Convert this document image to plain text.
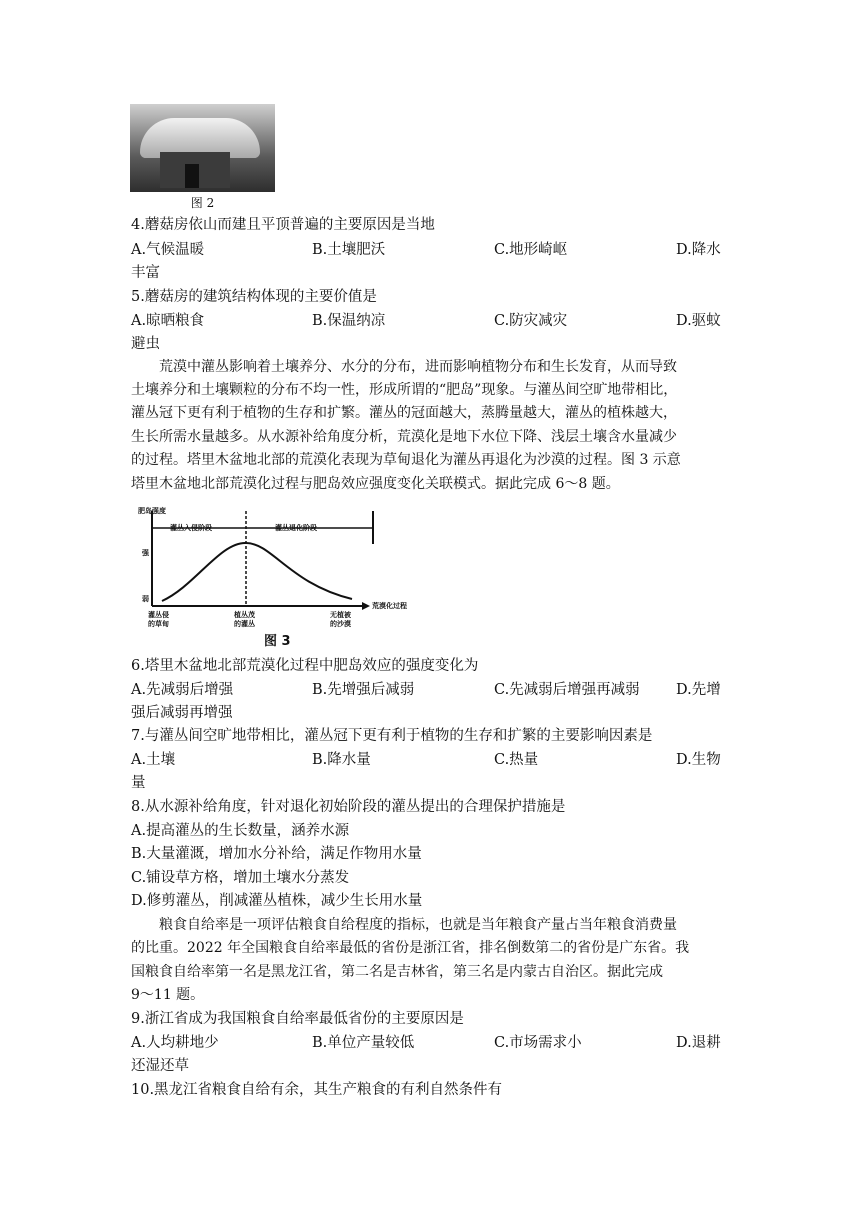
图 2
4.蘑菇房依山而建且平顶普遍的主要原因是当地
A.气候温暖	B.土壤肥沃	C.地形崎岖	D.降水
丰富
5.蘑菇房的建筑结构体现的主要价值是
A.晾晒粮食	B.保温纳凉	C.防灾减灾	D.驱蚊
避虫
荒漠中灌丛影响着土壤养分、水分的分布，进而影响植物分布和生长发育，从而导致
土壤养分和土壤颗粒的分布不均一性，形成所谓的“肥岛”现象。与灌丛间空旷地带相比，
灌丛冠下更有利于植物的生存和扩繁。灌丛的冠面越大，蒸腾量越大，灌丛的植株越大，
生长所需水量越多。从水源补给角度分析，荒漠化是地下水位下降、浅层土壤含水量减少
的过程。塔里木盆地北部的荒漠化表现为草甸退化为灌丛再退化为沙漠的过程。图 3 示意
塔里木盆地北部荒漠化过程与肥岛效应强度变化关联模式。据此完成 6～8 题。
肥岛强度
灌丛入侵阶段	灌丛退化阶段
强
弱
荒漠化过程
灌丛侵
的草甸
植丛茂
的灌丛
无植被
的沙漠
图 3
6.塔里木盆地北部荒漠化过程中肥岛效应的强度变化为
A.先减弱后增强	B.先增强后减弱	C.先减弱后增强再减弱	D.先增
强后减弱再增强
7.与灌丛间空旷地带相比，灌丛冠下更有利于植物的生存和扩繁的主要影响因素是
A.土壤	B.降水量	C.热量	D.生物
量
8.从水源补给角度，针对退化初始阶段的灌丛提出的合理保护措施是
A.提高灌丛的生长数量，涵养水源
B.大量灌溉，增加水分补给，满足作物用水量
C.铺设草方格，增加土壤水分蒸发
D.修剪灌丛，削减灌丛植株，减少生长用水量
粮食自给率是一项评估粮食自给程度的指标，也就是当年粮食产量占当年粮食消费量
的比重。2022 年全国粮食自给率最低的省份是浙江省，排名倒数第二的省份是广东省。我
国粮食自给率第一名是黑龙江省，第二名是吉林省，第三名是内蒙古自治区。据此完成
9～11 题。
9.浙江省成为我国粮食自给率最低省份的主要原因是
A.人均耕地少	B.单位产量较低	C.市场需求小	D.退耕
还湿还草
10.黑龙江省粮食自给有余，其生产粮食的有利自然条件有
